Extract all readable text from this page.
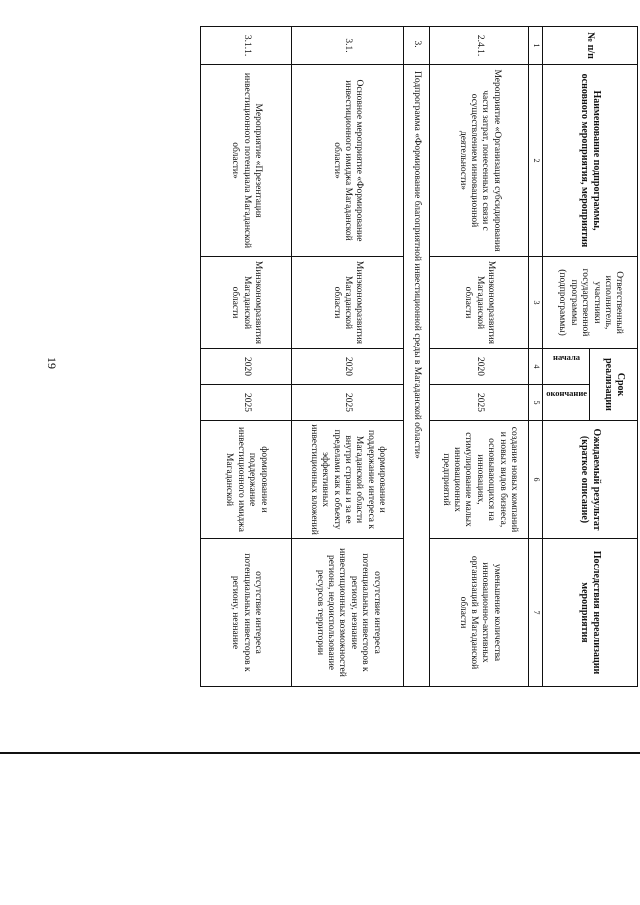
19
№ п/п	Наименование подпрограммы, основного мероприятия, мероприятия	Ответственный исполнитель, участники государственной программы (подпрограммы)	Срок реализации		Ожидаемый результат (краткое описание)	Последствия нереализации мероприятия

			начала	окончание		

1	2	3	4	5	6	7
2.4.1.	Мероприятие «Организация субсидирования части затрат, понесенных в связи с осуществлением инновационной деятельности»	Минэкономразвития Магаданской области	2020	2025	создание новых компаний и новых видов бизнеса, основывающихся на инновациях, стимулирование малых инновационных предприятий	уменьшение количества инновационно-активных организаций в Магаданской области
3.	Подпрограмма «Формирование благоприятной инвестиционной среды в Магаданской области»					
3.1.	Основное мероприятие «Формирование инвестиционного имиджа Магаданской области»	Минэкономразвития Магаданской области	2020	2025	формирование и поддержание интереса к Магаданской области внутри страны и за ее пределами как к объекту эффективных инвестиционных вложений	отсутствие интереса потенциальных инвесторов к региону, незнание инвестиционных возможностей региона, недоиспользование ресурсов территории
3.1.1.	Мероприятие «Презентация инвестиционного потенциала Магаданской области»	Минэкономразвития Магаданской области	2020	2025	формирование и поддержание инвестиционного имиджа Магаданской	отсутствие интереса потенциальных инвесторов к региону, незнание
